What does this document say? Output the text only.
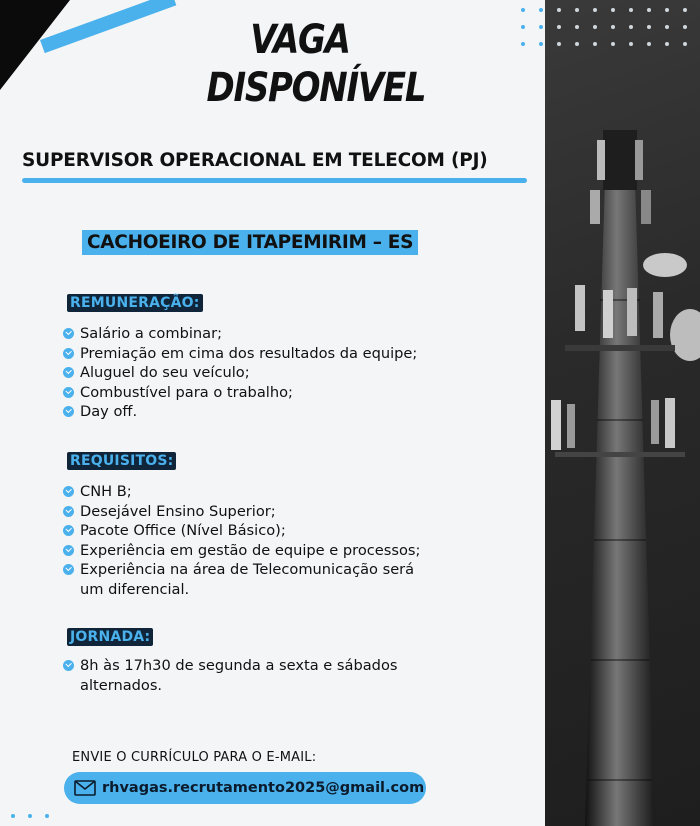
VAGA
DISPONÍVEL
SUPERVISOR OPERACIONAL EM TELECOM (PJ)
CACHOEIRO DE ITAPEMIRIM – ES
REMUNERAÇÃO:
Salário a combinar;
Premiação em cima dos resultados da equipe;
Aluguel do seu veículo;
Combustível para o trabalho;
Day off.
REQUISITOS:
CNH B;
Desejável Ensino Superior;
Pacote Office (Nível Básico);
Experiência em gestão de equipe e processos;
Experiência na área de Telecomunicação será
um diferencial.
JORNADA:
8h às 17h30 de segunda a sexta e sábados
alternados.
ENVIE O CURRÍCULO PARA O E-MAIL:
rhvagas.recrutamento2025@gmail.com
